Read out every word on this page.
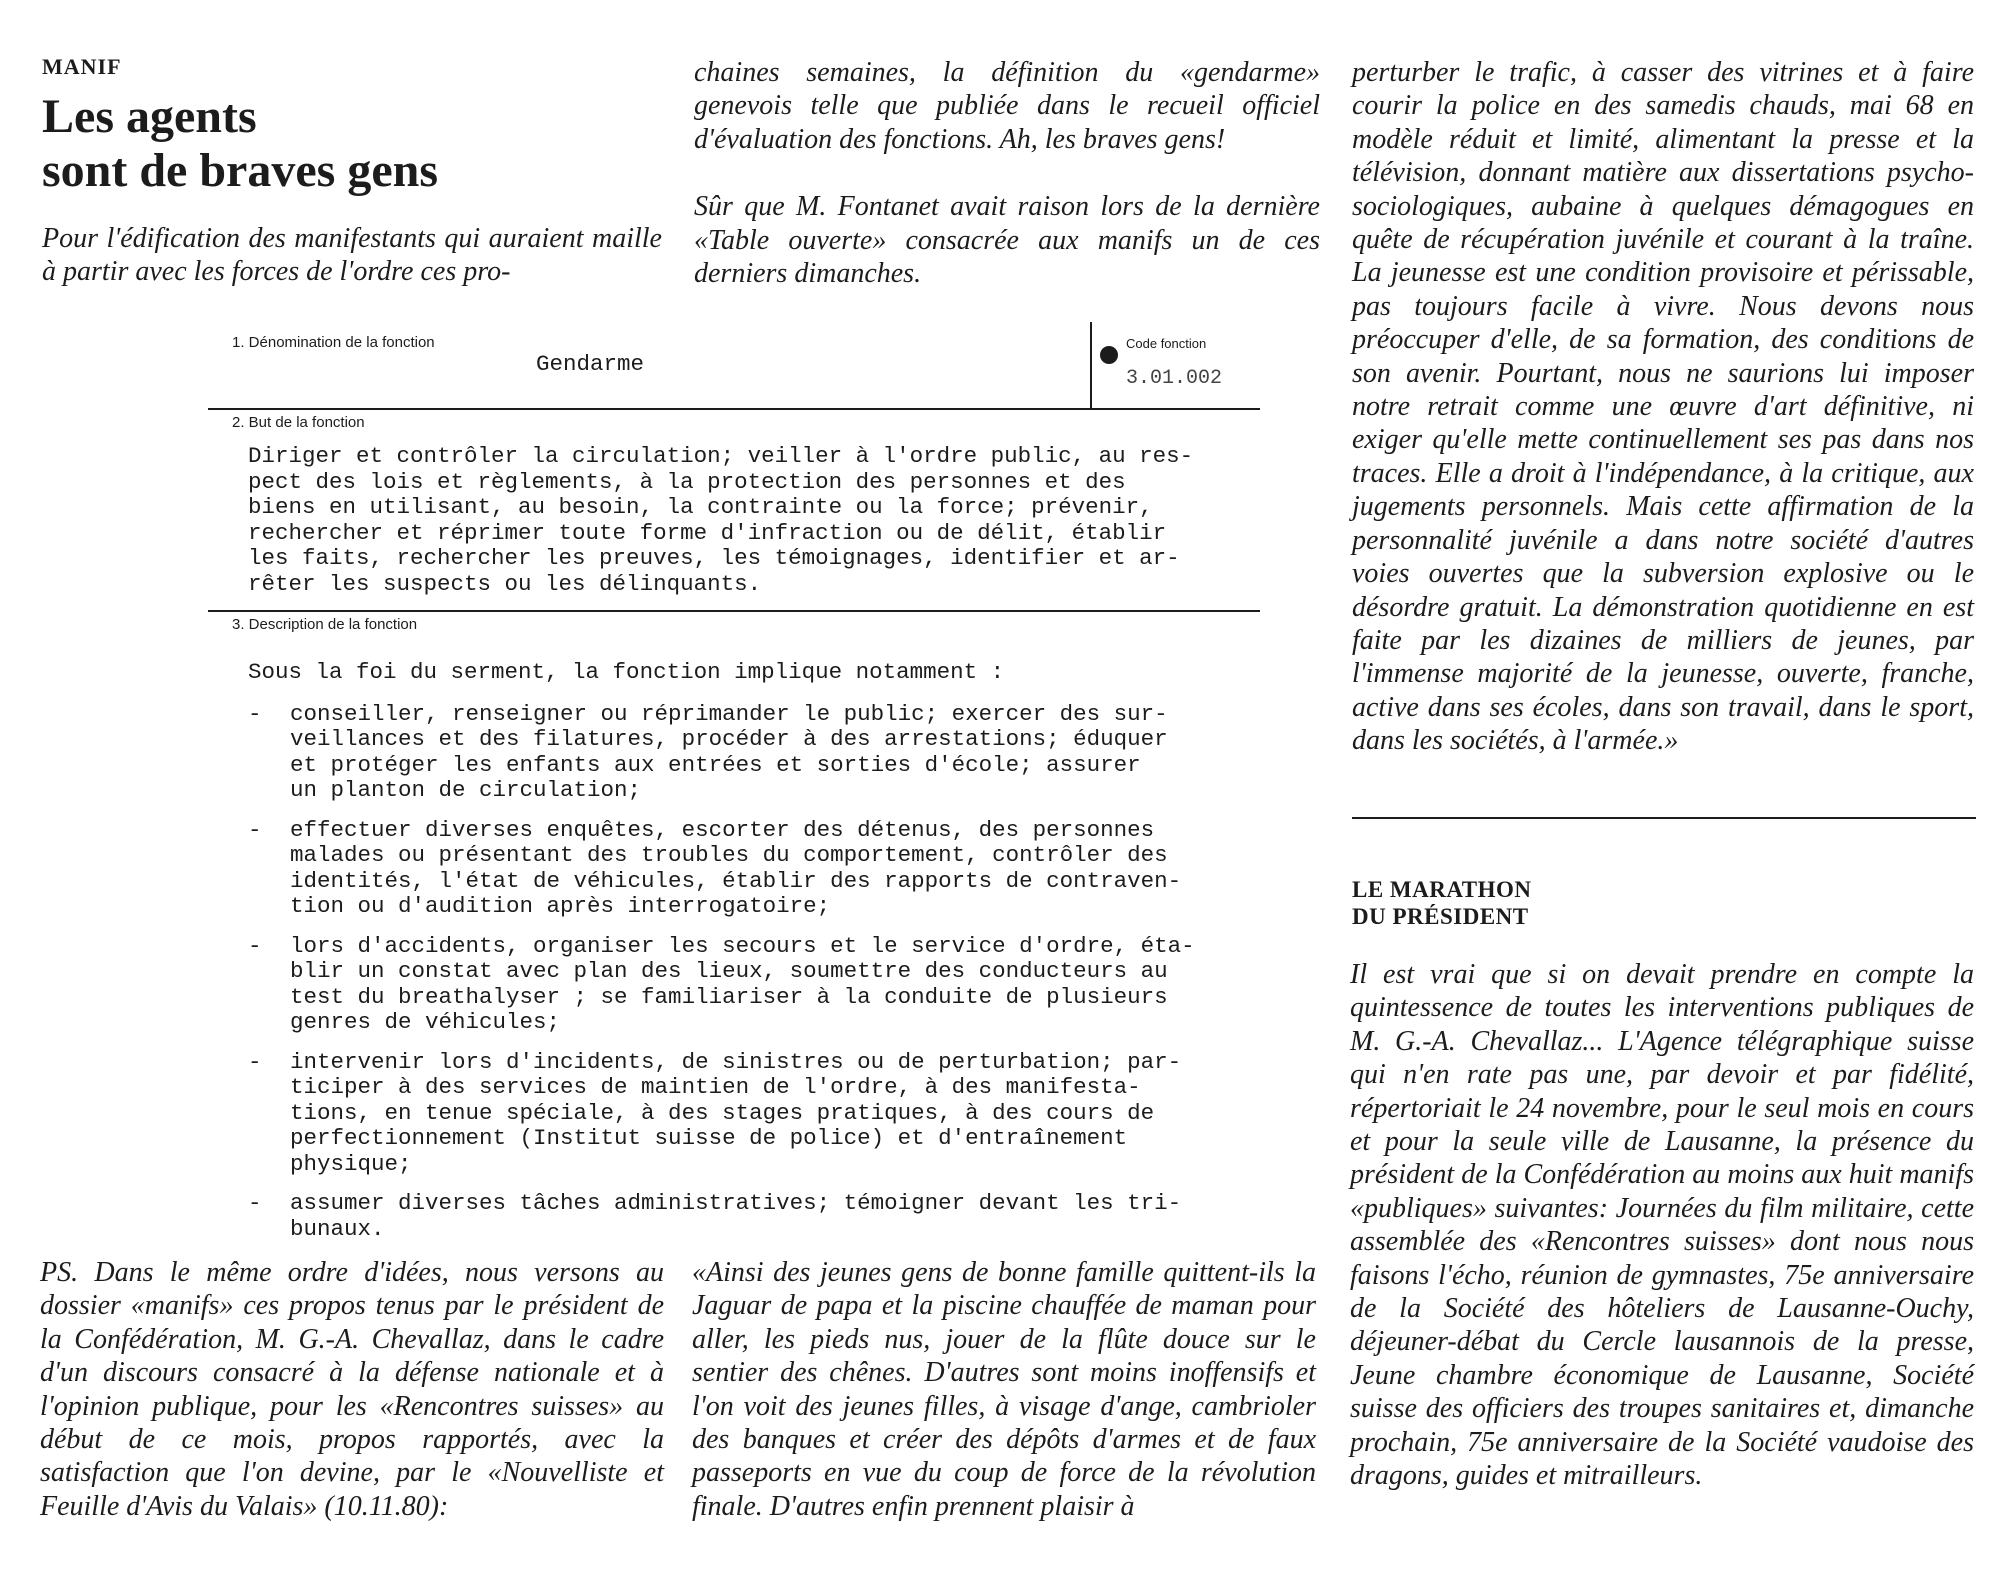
MANIF
Les agents
sont de braves gens

Pour l'édification des manifestants qui auraient maille à partir avec les forces de l'ordre ces pro-

chaines semaines, la définition du «gendarme» genevois telle que publiée dans le recueil officiel d'évaluation des fonctions. Ah, les braves gens!

Sûr que M. Fontanet avait raison lors de la dernière «Table ouverte» consacrée aux manifs un de ces derniers dimanches.

1. Dénomination de la fonction
Gendarme
Code fonction
3.01.002
2. But de la fonction
Diriger et contrôler la circulation; veiller à l'ordre public, au res-
pect des lois et règlements, à la protection des personnes et des
biens en utilisant, au besoin, la contrainte ou la force; prévenir,
rechercher et réprimer toute forme d'infraction ou de délit, établir
les faits, rechercher les preuves, les témoignages, identifier et ar-
rêter les suspects ou les délinquants.
3. Description de la fonction
Sous la foi du serment, la fonction implique notamment :
-	conseiller, renseigner ou réprimander le public; exercer des sur-
veillances et des filatures, procéder à des arrestations; éduquer
et protéger les enfants aux entrées et sorties d'école; assurer
un planton de circulation;
-	effectuer diverses enquêtes, escorter des détenus, des personnes
malades ou présentant des troubles du comportement, contrôler des
identités, l'état de véhicules, établir des rapports de contraven-
tion ou d'audition après interrogatoire;
-	lors d'accidents, organiser les secours et le service d'ordre, éta-
blir un constat avec plan des lieux, soumettre des conducteurs au
test du breathalyser ; se familiariser à la conduite de plusieurs
genres de véhicules;
-	intervenir lors d'incidents, de sinistres ou de perturbation; par-
ticiper à des services de maintien de l'ordre, à des manifesta-
tions, en tenue spéciale, à des stages pratiques, à des cours de
perfectionnement (Institut suisse de police) et d'entraînement
physique;
-	assumer diverses tâches administratives; témoigner devant les tri-
bunaux.

PS. Dans le même ordre d'idées, nous versons au dossier «manifs» ces propos tenus par le président de la Confédération, M. G.-A. Chevallaz, dans le cadre d'un discours consacré à la défense nationale et à l'opinion publique, pour les «Rencontres suisses» au début de ce mois, propos rapportés, avec la satisfaction que l'on devine, par le «Nouvelliste et Feuille d'Avis du Valais» (10.11.80):

«Ainsi des jeunes gens de bonne famille quittent-ils la Jaguar de papa et la piscine chauffée de maman pour aller, les pieds nus, jouer de la flûte douce sur le sentier des chênes. D'autres sont moins inoffensifs et l'on voit des jeunes filles, à visage d'ange, cambrioler des banques et créer des dépôts d'armes et de faux passeports en vue du coup de force de la révolution finale. D'autres enfin prennent plaisir à

perturber le trafic, à casser des vitrines et à faire courir la police en des samedis chauds, mai 68 en modèle réduit et limité, alimentant la presse et la télévision, donnant matière aux dissertations psycho-sociologiques, aubaine à quelques démagogues en quête de récupération juvénile et courant à la traîne. La jeunesse est une condition provisoire et périssable, pas toujours facile à vivre. Nous devons nous préoccuper d'elle, de sa formation, des conditions de son avenir. Pourtant, nous ne saurions lui imposer notre retrait comme une œuvre d'art définitive, ni exiger qu'elle mette continuellement ses pas dans nos traces. Elle a droit à l'indépendance, à la critique, aux jugements personnels. Mais cette affirmation de la personnalité juvénile a dans notre société d'autres voies ouvertes que la subversion explosive ou le désordre gratuit. La démonstration quotidienne en est faite par les dizaines de milliers de jeunes, par l'immense majorité de la jeunesse, ouverte, franche, active dans ses écoles, dans son travail, dans le sport, dans les sociétés, à l'armée.»

LE MARATHON
DU PRÉSIDENT

Il est vrai que si on devait prendre en compte la quintessence de toutes les interventions publiques de M. G.-A. Chevallaz... L'Agence télégraphique suisse qui n'en rate pas une, par devoir et par fidélité, répertoriait le 24 novembre, pour le seul mois en cours et pour la seule ville de Lausanne, la présence du président de la Confédération au moins aux huit manifs «publiques» suivantes: Journées du film militaire, cette assemblée des «Rencontres suisses» dont nous nous faisons l'écho, réunion de gymnastes, 75e anniversaire de la Société des hôteliers de Lausanne-Ouchy, déjeuner-débat du Cercle lausannois de la presse, Jeune chambre économique de Lausanne, Société suisse des officiers des troupes sanitaires et, dimanche prochain, 75e anniversaire de la Société vaudoise des dragons, guides et mitrailleurs.
